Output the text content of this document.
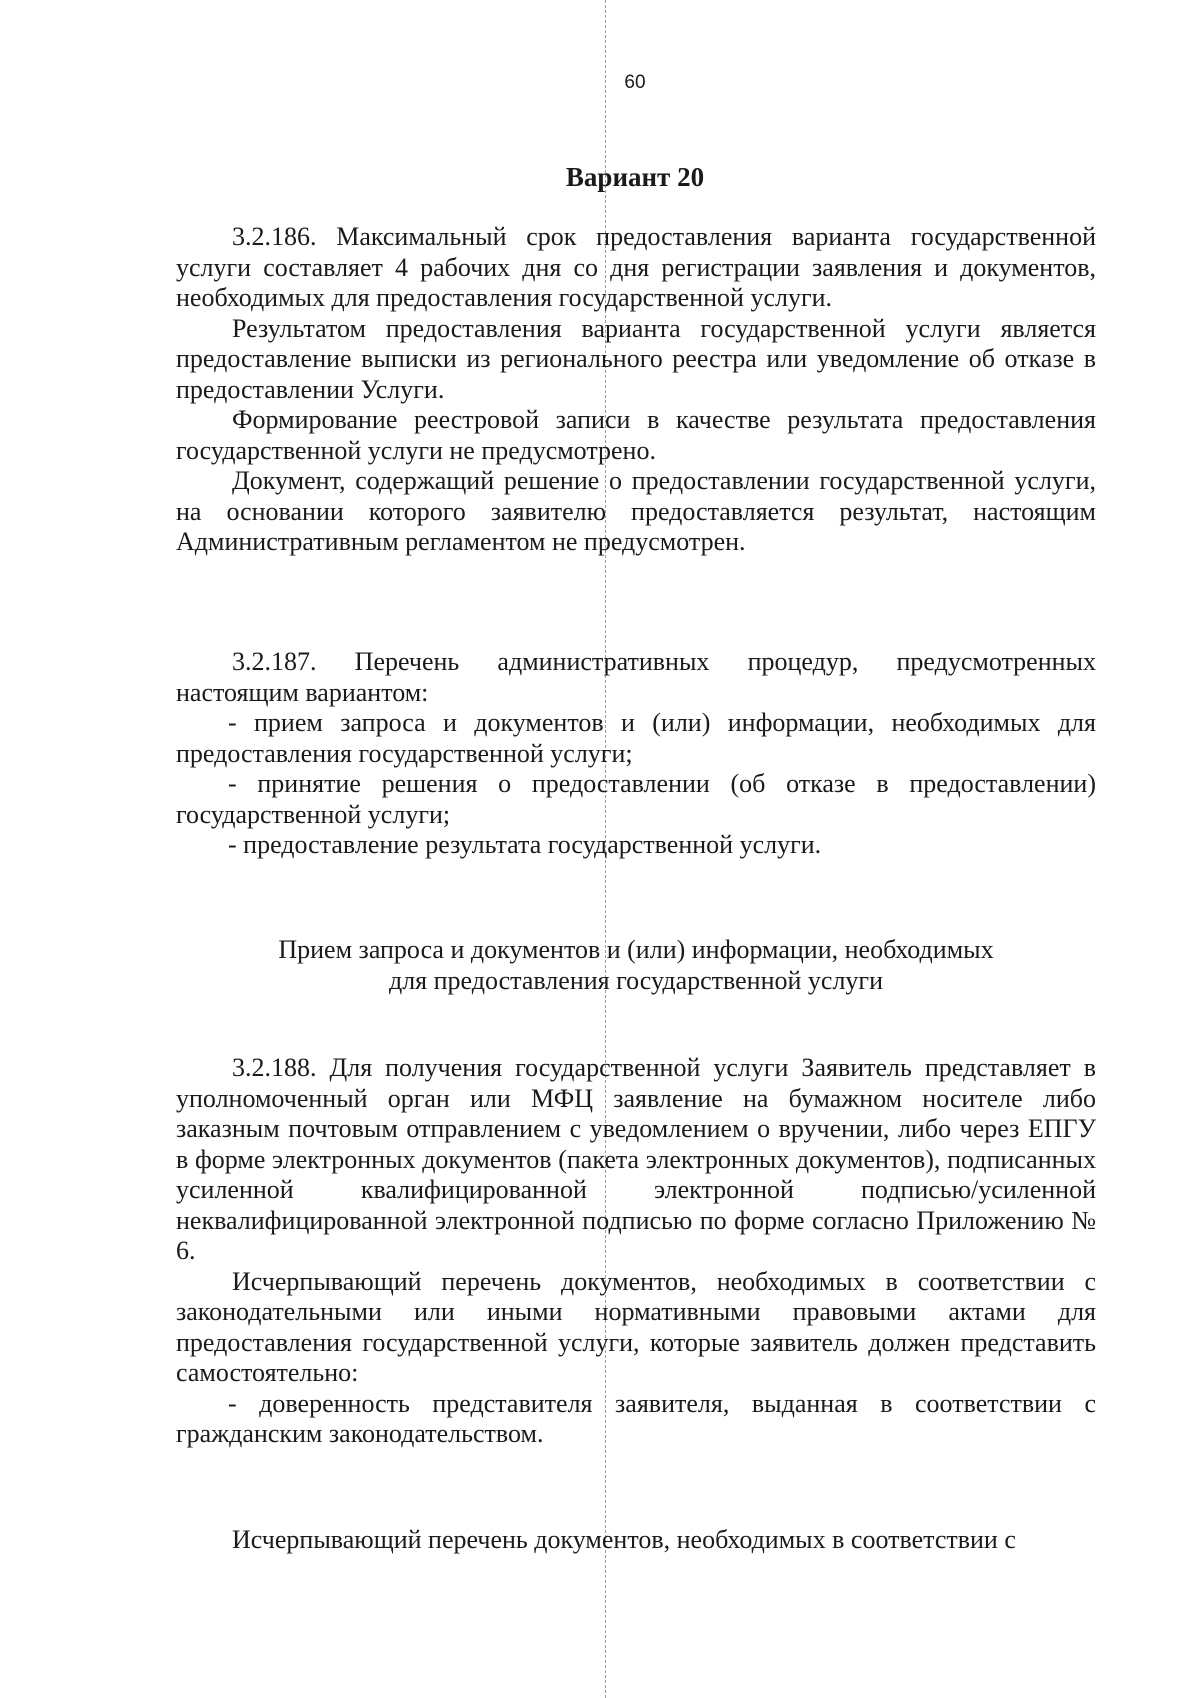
60
Вариант 20

3.2.186. Максимальный срок предоставления варианта государственной услуги составляет 4 рабочих дня со дня регистрации заявления и документов, необходимых для предоставления государственной услуги.

Результатом предоставления варианта государственной услуги является предоставление выписки из регионального реестра или уведомление об отказе в предоставлении Услуги.

Формирование реестровой записи в качестве результата предоставления государственной услуги не предусмотрено.

Документ, содержащий решение о предоставлении государственной услуги, на основании которого заявителю предоставляется результат, настоящим Административным регламентом не предусмотрен.

3.2.187. Перечень административных процедур, предусмотренных настоящим вариантом:

- прием запроса и документов и (или) информации, необходимых для предоставления государственной услуги;

- принятие решения о предоставлении (об отказе в предоставлении) государственной услуги;

- предоставление результата государственной услуги.

Прием запроса и документов и (или) информации, необходимых

для предоставления государственной услуги

3.2.188. Для получения государственной услуги Заявитель представляет в уполномоченный орган или МФЦ заявление на бумажном носителе либо заказным почтовым отправлением с уведомлением о вручении, либо через ЕПГУ в форме электронных документов (пакета электронных документов), подписанных усиленной квалифицированной электронной подписью/усиленной неквалифицированной электронной подписью по форме согласно Приложению № 6.

Исчерпывающий перечень документов, необходимых в соответствии с законодательными или иными нормативными правовыми актами для предоставления государственной услуги, которые заявитель должен представить самостоятельно:

- доверенность представителя заявителя, выданная в соответствии с гражданским законодательством.

Исчерпывающий перечень документов, необходимых в соответствии с
